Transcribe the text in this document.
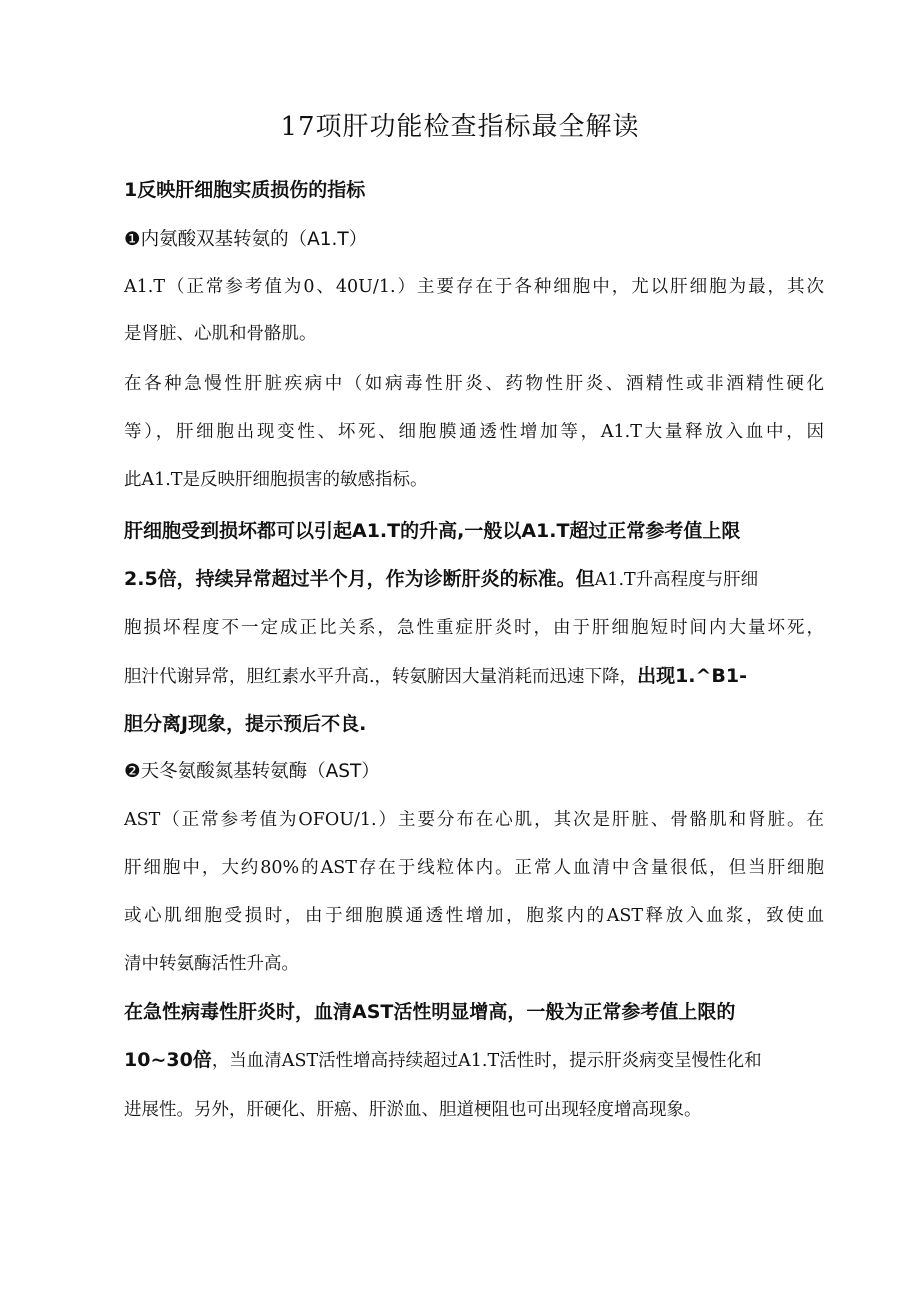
17项肝功能检查指标最全解读
1反映肝细胞实质损伤的指标
❶内氨酸双基转氨的（A1.T）
A1.T（正常参考值为0、40U/1.）主要存在于各种细胞中，尤以肝细胞为最，其次
是肾脏、心肌和骨骼肌。
在各种急慢性肝脏疾病中（如病毒性肝炎、药物性肝炎、酒精性或非酒精性硬化
等），肝细胞出现变性、坏死、细胞膜通透性增加等，A1.T大量释放入血中，因
此A1.T是反映肝细胞损害的敏感指标。
肝细胞受到损坏都可以引起A1.T的升高,一般以A1.T超过正常参考值上限
2.5倍，持续异常超过半个月，作为诊断肝炎的标准。但A1.T升高程度与肝细
胞损坏程度不一定成正比关系，急性重症肝炎时，由于肝细胞短时间内大量坏死，
胆汁代谢异常，胆红素水平升高.，转氨腑因大量消耗而迅速下降，出现1.^B1-
胆分离J现象，提示预后不良.
❷天冬氨酸氮基转氨酶（AST）
AST（正常参考值为OFOU/1.）主要分布在心肌，其次是肝脏、骨骼肌和肾脏。在
肝细胞中，大约80%的AST存在于线粒体内。正常人血清中含量很低，但当肝细胞
或心肌细胞受损时，由于细胞膜通透性增加，胞浆内的AST释放入血浆，致使血
清中转氨酶活性升高。
在急性病毒性肝炎时，血清AST活性明显增高，一般为正常参考值上限的
10~30倍，当血清AST活性增高持续超过A1.T活性时，提示肝炎病变呈慢性化和
进展性。另外，肝硬化、肝癌、肝淤血、胆道梗阻也可出现轻度增高现象。
